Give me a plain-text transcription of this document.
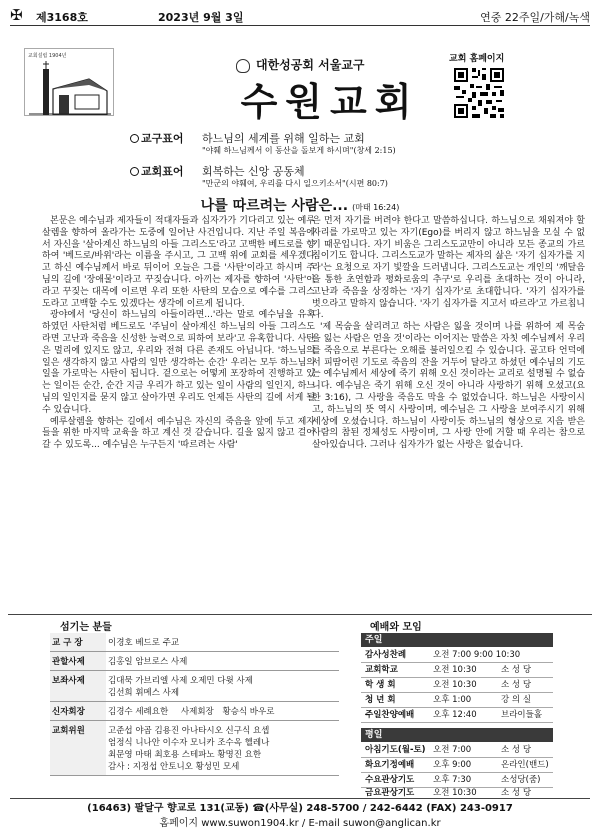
✠ 제3168호	2023년 9월 3일	연중 22주일/가해/녹색
교회설립 1904년
대한성공회 서울교구
수원교회
교회 홈페이지
교구표어 하느님의 세계를 위해 일하는 교회
"야훼 하느님께서 이 동산을 돌보게 하시며"(창세 2:15)
교회표어 회복하는 신앙 공동체
"만군의 야훼여, 우리를 다시 일으키소서"(시편 80:7)
나를 따르려는 사람은... (마태 16:24)

본문은 예수님과 제자들이 적대자들과 십자가가 기다리고 있는 예루살렘을 향하여 올라가는 도중에 일어난 사건입니다. 지난 주일 복음에서 자신을 '살아계신 하느님의 아들 그리스도'라고 고백한 베드로를 향하여 '베드로/바위'라는 이름을 주시고, 그 고백 위에 교회를 세우겠다고 하신 예수님께서 바로 뒤이어 오늘은 그를 '사탄'이라고 하시며 주님의 길에 '장애물'이라고 꾸짖습니다. 아끼는 제자를 향하여 '사탄'이라고 꾸짖는 대목에 이르면 우리 또한 사탄의 모습으로 예수를 그리스도라고 고백할 수도 있겠다는 생각에 이르게 됩니다.

광야에서 '당신이 하느님의 아들이라면...'라는 말로 예수님을 유혹하였던 사탄처럼 베드로도 '주님이 살아계신 하느님의 아들 그리스도라면 고난과 죽음을 신성한 능력으로 피하여 보라'고 유혹합니다. 사탄은 멀리에 있지도 않고, 우리와 전혀 다른 존재도 아닙니다. '하느님의 일은 생각하지 않고 사람의 일만 생각하는 순간' 우리는 모두 하느님의 일을 가로막는 사탄이 됩니다. 겉으로는 어떻게 포장하여 진행하고 있는 일이든 순간, 순간 지금 우리가 하고 있는 일이 사람의 일인지, 하느님의 일인지를 묻지 않고 살아가면 우리도 언제든 사탄의 길에 서게 될 수 있습니다.

예루살렘을 향하는 길에서 예수님은 자신의 죽음을 앞에 두고 제자들을 위한 마지막 교육을 하고 계신 것 같습니다. 길을 잃지 않고 걸어갈 수 있도록... 예수님은 누구든지 '따르려는 사람'

은 먼저 자기를 버려야 한다고 말씀하십니다. 하느님으로 채워져야 할 자리를 가로막고 있는 자기(Ego)를 버리지 않고 하느님을 모실 수 없기 때문입니다. 자기 비움은 그리스도교만이 아니라 모든 종교의 가르침이기도 합니다. 그리스도교가 말하는 제자의 삶은 '자기 십자가를 지라'는 요청으로 자기 빛깔을 드러냅니다. 그리스도교는 개인의 '깨달음을 통한 초연함과 평화로움의 추구'로 우리를 초대하는 것이 아니라, 고난과 죽음을 상징하는 '자기 십자가'로 초대합니다. '자기 십자가를 벗으라고 말하지 않습니다. '자기 십자가를 지고서 따르라'고 가르칩니다.

'제 목숨을 살리려고 하는 사람은 잃을 것이며 나를 위하여 제 목숨을 잃는 사람은 얻을 것'이라는 이어지는 말씀은 자칫 예수님께서 우리를 죽음으로 부른다는 오해를 불러일으킬 수 있습니다. 골고타 언덕에서 피땀어린 기도로 죽음의 잔을 거두어 달라고 하셨던 예수님의 기도는 예수님께서 세상에 죽기 위해 오신 것이라는 교리로 설명될 수 없습니다. 예수님은 죽기 위해 오신 것이 아니라 사랑하기 위해 오셨고(요한 3:16), 그 사랑을 죽음도 막을 수 없었습니다. 하느님은 사랑이시고, 하느님의 뜻 역시 사랑이며, 예수님은 그 사랑을 보여주시기 위해 세상에 오셨습니다. 하느님이 사랑이듯 하느님의 형상으로 지음 받은 사람의 참된 정체성도 사랑이며, 그 사랑 안에 거할 때 우리는 참으로 살아있습니다. 그러나 십자가가 없는 사랑은 없습니다.

섬기는 분들
교 구 장	이경호 베드로 주교
관할사제	김홍일 암브로스 사제
보좌사제	김대묵 가브리엘 사제 오제민 다윗 사제
김선희 휘메스 사제

신자회장	김경수 세례요한 사제회장 황승식 바우로
교회위원	고준섭 야곱 김용진 아나타시오 신구식 요셉
엄정식 니나안 이수자 모니카 조수옥 헬레나
최문영 마태 최호용 스테파노 황명진 요한
감사 : 지정섭 안토니오 황성민 모세
예배와 모임
주일
감사성찬례	오전 7:00 9:00 10:30
교회학교	오전 10:30	소 성 당
학 생 회	오전 10:30	소 성 당
청 년 회	오후 1:00	강 의 실
주일찬양예배 오후 12:40	브라이들홀
평일
아침기도(월-토) 오전 7:00	소 성 당
화요기정예배 오후 9:00	온라인(밴드)
수요관상기도 오후 7:30	소성당(줌)
금요관상기도 오전 10:30	소 성 당
(16463) 팔달구 향교로 131(교동) ☎(사무실) 248-5700 / 242-6442 (FAX) 243-0917
홈페이지 www.suwon1904.kr / E-mail suwon@anglican.kr
